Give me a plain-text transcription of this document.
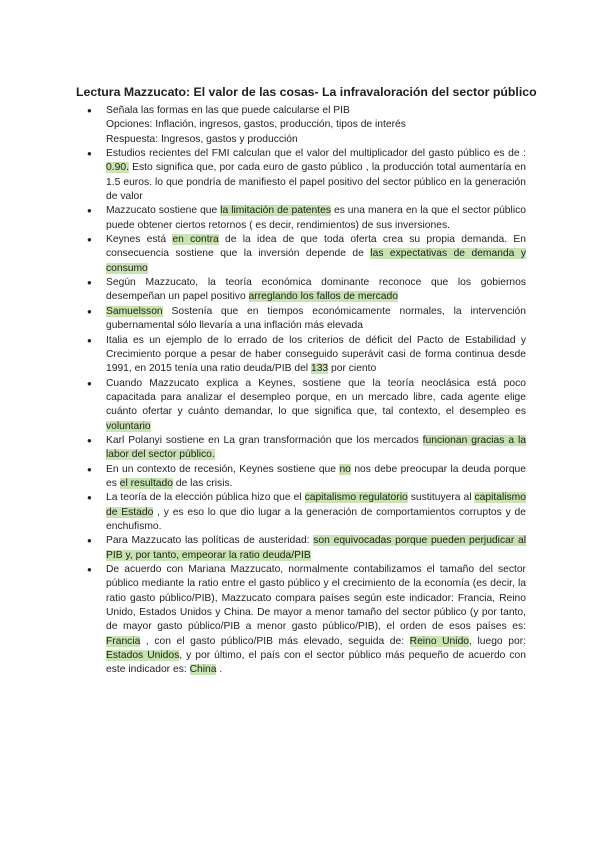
Lectura Mazzucato: El valor de las cosas- La infravaloración del sector público
● Señala las formas en las que puede calcularse el PIB
Opciones: Inflación, ingresos, gastos, producción, tipos de interés
Respuesta: Ingresos, gastos y producción
● Estudios recientes del FMI calculan que el valor del multiplicador del gasto público es de : 0.90. Esto significa que, por cada euro de gasto público , la producción total aumentaría en 1.5 euros. lo que pondría de manifiesto el papel positivo del sector público en la generación de valor
● Mazzucato sostiene que la limitación de patentes es una manera en la que el sector público puede obtener ciertos retornos ( es decir, rendimientos) de sus inversiones.
● Keynes está en contra de la idea de que toda oferta crea su propia demanda. En consecuencia sostiene que la inversión depende de las expectativas de demanda y consumo
● Según Mazzucato, la teoría económica dominante reconoce que los gobiernos desempeñan un papel positivo arreglando los fallos de mercado
● Samuelsson Sostenía que en tiempos económicamente normales, la intervención gubernamental sólo llevaría a una inflación más elevada
● Italia es un ejemplo de lo errado de los criterios de déficit del Pacto de Estabilidad y Crecimiento porque a pesar de haber conseguido superávit casi de forma continua desde 1991, en 2015 tenía una ratio deuda/PIB del 133 por ciento
● Cuando Mazzucato explica a Keynes, sostiene que la teoría neoclásica está poco capacitada para analizar el desempleo porque, en un mercado libre, cada agente elige cuánto ofertar y cuánto demandar, lo que significa que, tal contexto, el desempleo es voluntario
● Karl Polanyi sostiene en La gran transformación que los mercados funcionan gracias a la labor del sector público.
● En un contexto de recesión, Keynes sostiene que no nos debe preocupar la deuda porque es el resultado de las crisis.
● La teoría de la elección pública hizo que el capitalismo regulatorio sustituyera al capitalismo de Estado , y es eso lo que dio lugar a la generación de comportamientos corruptos y de enchufismo.
● Para Mazzucato las políticas de austeridad: son equivocadas porque pueden perjudicar al PIB y, por tanto, empeorar la ratio deuda/PIB
● De acuerdo con Mariana Mazzucato, normalmente contabilizamos el tamaño del sector público mediante la ratio entre el gasto público y el crecimiento de la economía (es decir, la ratio gasto público/PIB), Mazzucato compara países según este indicador: Francia, Reino Unido, Estados Unidos y China. De mayor a menor tamaño del sector público (y por tanto, de mayor gasto público/PIB a menor gasto público/PIB), el orden de esos países es: Francia , con el gasto público/PIB más elevado, seguida de: Reino Unido, luego por: Estados Unidos, y por último, el país con el sector público más pequeño de acuerdo con este indicador es: China .
